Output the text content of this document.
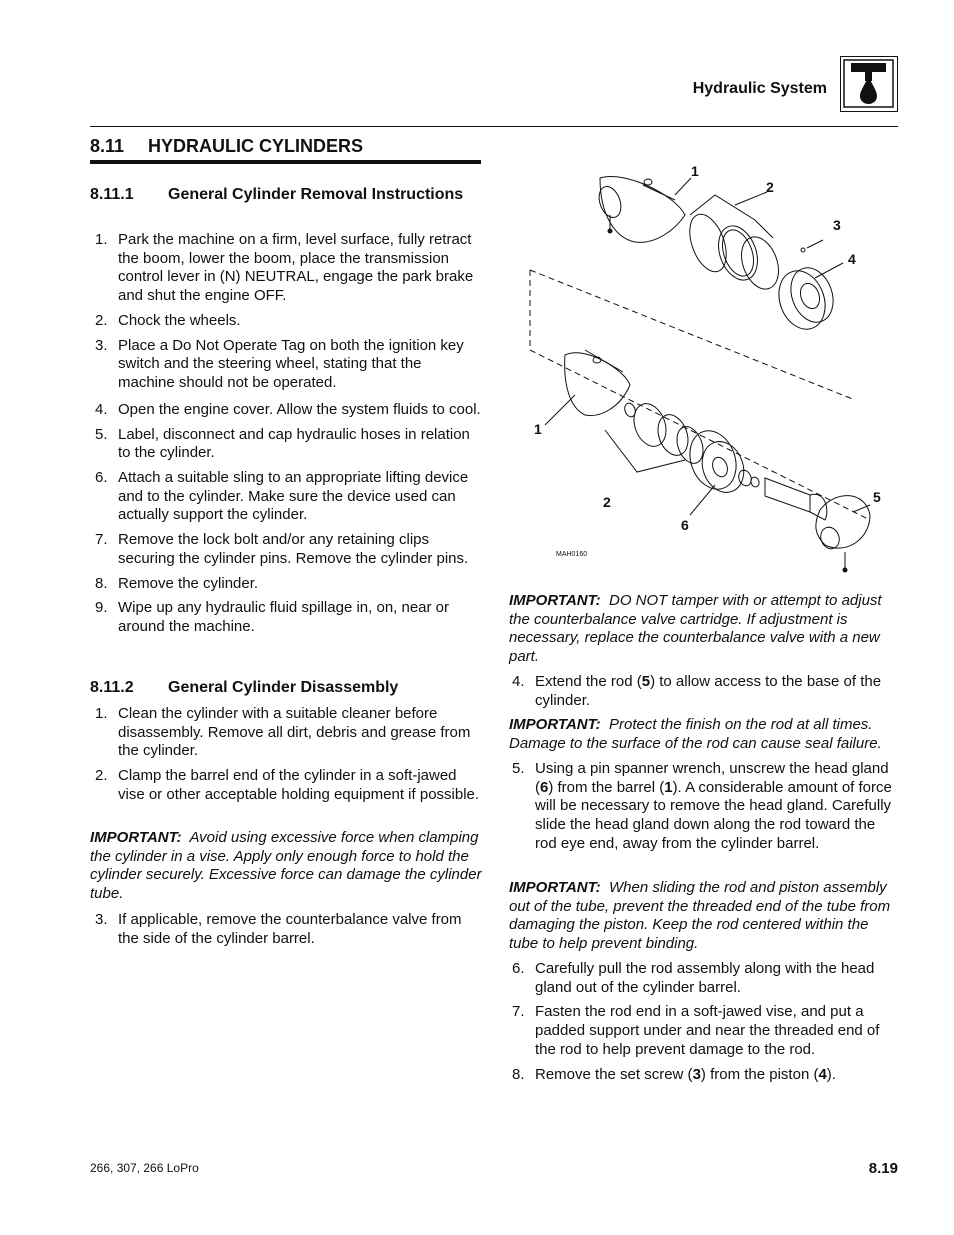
Hydraulic System
8.11 HYDRAULIC CYLINDERS
8.11.1 General Cylinder Removal Instructions
1. Park the machine on a firm, level surface, fully retract the boom, lower the boom, place the transmission control lever in (N) NEUTRAL, engage the park brake and shut the engine OFF.
2. Chock the wheels.
3. Place a Do Not Operate Tag on both the ignition key switch and the steering wheel, stating that the machine should not be operated.
4. Open the engine cover. Allow the system fluids to cool.
5. Label, disconnect and cap hydraulic hoses in relation to the cylinder.
6. Attach a suitable sling to an appropriate lifting device and to the cylinder. Make sure the device used can actually support the cylinder.
7. Remove the lock bolt and/or any retaining clips securing the cylinder pins. Remove the cylinder pins.
8. Remove the cylinder.
9. Wipe up any hydraulic fluid spillage in, on, near or around the machine.
8.11.2 General Cylinder Disassembly
1. Clean the cylinder with a suitable cleaner before disassembly. Remove all dirt, debris and grease from the cylinder.
2. Clamp the barrel end of the cylinder in a soft-jawed vise or other acceptable holding equipment if possible.
IMPORTANT: Avoid using excessive force when clamping the cylinder in a vise. Apply only enough force to hold the cylinder securely. Excessive force can damage the cylinder tube.
3. If applicable, remove the counterbalance valve from the side of the cylinder barrel.
1
2
3
4
1
2
6
5
MAH0160
IMPORTANT: DO NOT tamper with or attempt to adjust the counterbalance valve cartridge. If adjustment is necessary, replace the counterbalance valve with a new part.
4. Extend the rod (5) to allow access to the base of the cylinder.
IMPORTANT: Protect the finish on the rod at all times. Damage to the surface of the rod can cause seal failure.
5. Using a pin spanner wrench, unscrew the head gland (6) from the barrel (1). A considerable amount of force will be necessary to remove the head gland. Carefully slide the head gland down along the rod toward the rod eye end, away from the cylinder barrel.
IMPORTANT: When sliding the rod and piston assembly out of the tube, prevent the threaded end of the tube from damaging the piston. Keep the rod centered within the tube to help prevent binding.
6. Carefully pull the rod assembly along with the head gland out of the cylinder barrel.
7. Fasten the rod end in a soft-jawed vise, and put a padded support under and near the threaded end of the rod to help prevent damage to the rod.
8. Remove the set screw (3) from the piston (4).
266, 307, 266 LoPro	8.19
